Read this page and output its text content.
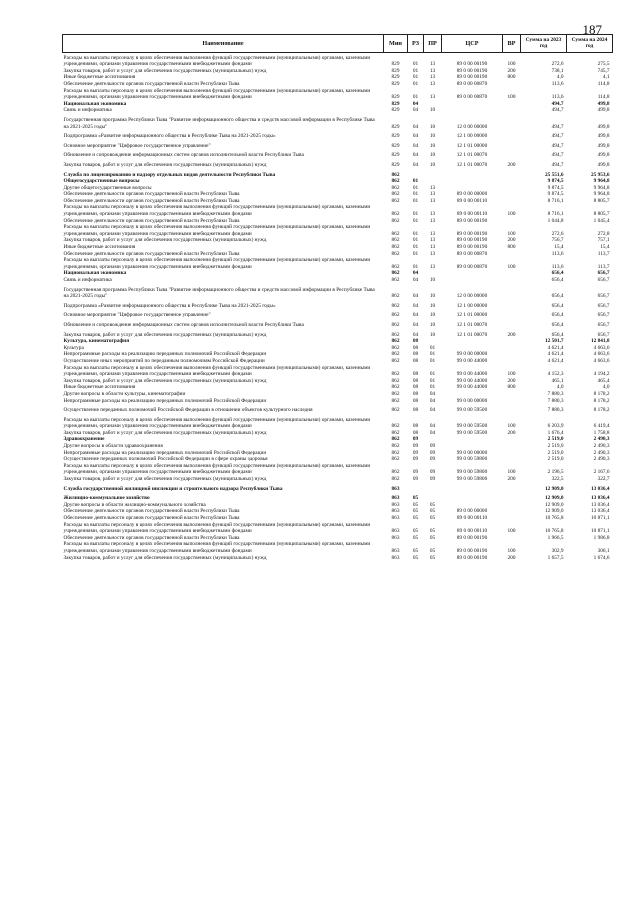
187
Наименование	Мин	РЗ	ПР	ЦСР	ВР	Сумма на 2023 год	Сумма на 2024 год
Расходы на выплаты персоналу в целях обеспечения выполнения функций государственными (муниципальными) органами, казенными учреждениями, органами управления государственными внебюджетными фондами	829	01	13	89 0 00 00190	100	272,6	275,5
Закупка товаров, работ и услуг для обеспечения государственных (муниципальных) нужд	829	01	13	89 0 00 00190	200	738,1	745,7
Иные бюджетные ассигнования	829	01	13	89 0 00 00190	800	4,0	4,1
Обеспечение деятельности органов государственной власти Республики Тыва	829	01	13	89 0 00 00870		113,6	114,8
Расходы на выплаты персоналу в целях обеспечения выполнения функций государственными (муниципальными) органами, казенными учреждениями, органами управления государственными внебюджетными фондами	829	01	13	89 0 00 00870	100	113,6	114,8
Национальная экономика	829	04				494,7	499,8
Связь и информатика	829	04	10			494,7	499,8
Государственная программа Республики Тыва "Развитие информационного общества и средств массовой информации в Республике Тыва на 2021-2025 годы"	829	04	10	12 0 00 00000		494,7	499,8
Подпрограмма «Развитие информационного общества в Республике Тыва на 2021-2025 годы»	829	04	10	12 1 00 00000		494,7	499,8
Основное мероприятие "Цифровое государственное управление"	829	04	10	12 1 01 00000		494,7	499,8
Обновление и сопровождение информационных систем органов исполнительной власти Республики Тыва	829	04	10	12 1 01 00070		494,7	499,8
Закупка товаров, работ и услуг для обеспечения государственных (муниципальных) нужд	829	04	10	12 1 01 00070	200	494,7	499,8
Служба по лицензированию и надзору отдельных видов деятельности Республики Тыва	862					25 551,6	25 953,6
Общегосударственные вопросы	862	01				9 874,5	9 964,8
Другие общегосударственные вопросы	862	01	13			9 874,5	9 964,8
Обеспечение деятельности органов государственной власти Республики Тыва	862	01	13	89 0 00 00000		9 874,5	9 964,8
Обеспечение деятельности органов государственной власти Республики Тыва	862	01	13	89 0 00 00110		8 716,1	8 805,7
Расходы на выплаты персоналу в целях обеспечения выполнения функций государственными (муниципальными) органами, казенными учреждениями, органами управления государственными внебюджетными фондами	862	01	13	89 0 00 00110	100	8 716,1	8 805,7
Обеспечение деятельности органов государственной власти Республики Тыва	862	01	13	89 0 00 00190		1 044,8	1 045,4
Расходы на выплаты персоналу в целях обеспечения выполнения функций государственными (муниципальными) органами, казенными учреждениями, органами управления государственными внебюджетными фондами	862	01	13	89 0 00 00190	100	272,6	272,8
Закупка товаров, работ и услуг для обеспечения государственных (муниципальных) нужд	862	01	13	89 0 00 00190	200	756,7	757,1
Иные бюджетные ассигнования	862	01	13	89 0 00 00190	800	15,4	15,4
Обеспечение деятельности органов государственной власти Республики Тыва	862	01	13	89 0 00 00870		113,6	113,7
Расходы на выплаты персоналу в целях обеспечения выполнения функций государственными (муниципальными) органами, казенными учреждениями, органами управления государственными внебюджетными фондами	862	01	13	89 0 00 00870	100	113,6	113,7
Национальная экономика	862	04				656,4	656,7
Связь и информатика	862	04	10			656,4	656,7
Государственная программа Республики Тыва "Развитие информационного общества и средств массовой информации в Республике Тыва на 2021-2025 годы"	862	04	10	12 0 00 00000		656,4	656,7
Подпрограмма «Развитие информационного общества в Республике Тыва на 2021-2025 годы»	862	04	10	12 1 00 00000		656,4	656,7
Основное мероприятие "Цифровое государственное управление"	862	04	10	12 1 01 00000		656,4	656,7
Обновление и сопровождение информационных систем органов исполнительной власти Республики Тыва	862	04	10	12 1 01 00070		656,4	656,7
Закупка товаров, работ и услуг для обеспечения государственных (муниципальных) нужд	862	04	10	12 1 01 00070	200	656,4	656,7
Культура, кинематография	862	08				12 501,7	12 841,8
Культура	862	08	01			4 621,4	4 663,6
Непрограммные расходы на реализацию переданных полномочий Российской Федерации	862	08	01	99 0 00 00000		4 621,4	4 663,6
Осуществление иных мероприятий по переданным полномочиям Российской Федерации	862	08	01	99 0 00 44000		4 621,4	4 663,6
Расходы на выплаты персоналу в целях обеспечения выполнения функций государственными (муниципальными) органами, казенными учреждениями, органами управления государственными внебюджетными фондами	862	08	01	99 0 00 44000	100	4 152,3	4 194,2
Закупка товаров, работ и услуг для обеспечения государственных (муниципальных) нужд	862	08	01	99 0 00 44000	200	465,1	465,4
Иные бюджетные ассигнования	862	08	01	99 0 00 44000	800	4,0	4,0
Другие вопросы в области культуры, кинематографии	862	08	04			7 880,3	8 178,2
Непрограммные расходы на реализацию переданных полномочий Российской Федерации	862	08	04	99 0 00 00000		7 880,3	8 178,2
Осуществление переданных полномочий Российской Федерации в отношении объектов культурного наследия	862	08	04	99 0 00 59500		7 880,3	8 178,2
Расходы на выплаты персоналу в целях обеспечения выполнения функций государственными (муниципальными) органами, казенными учреждениями, органами управления государственными внебюджетными фондами	862	08	04	99 0 00 59500	100	6 203,9	6 419,4
Закупка товаров, работ и услуг для обеспечения государственных (муниципальных) нужд	862	08	04	99 0 00 59500	200	1 676,4	1 758,8
Здравоохранение	862	09				2 519,0	2 490,3
Другие вопросы в области здравоохранения	862	09	09			2 519,0	2 490,3
Непрограммные расходы на реализацию переданных полномочий Российской Федерации	862	09	09	99 0 00 00000		2 519,0	2 490,3
Осуществление переданных полномочий Российской Федерации в сфере охраны здоровья	862	09	09	99 0 00 59800		2 519,0	2 490,3
Расходы на выплаты персоналу в целях обеспечения выполнения функций государственными (муниципальными) органами, казенными учреждениями, органами управления государственными внебюджетными фондами	862	09	09	99 0 00 59800	100	2 196,5	2 167,6
Закупка товаров, работ и услуг для обеспечения государственных (муниципальных) нужд	862	09	09	99 0 00 59800	200	322,5	322,7
Служба государственной жилищной инспекции и строительного надзора Республики Тыва	863					12 909,0	13 036,4
Жилищно-коммунальное хозяйство	863	05				12 909,0	13 036,4
Другие вопросы в области жилищно-коммунального хозяйства	863	05	05			12 909,0	13 036,4
Обеспечение деятельности органов государственной власти Республики Тыва	863	05	05	89 0 00 00000		12 909,0	13 036,4
Обеспечение деятельности органов государственной власти Республики Тыва	863	05	05	89 0 00 00110		10 765,8	10 871,1
Расходы на выплаты персоналу в целях обеспечения выполнения функций государственными (муниципальными) органами, казенными учреждениями, органами управления государственными внебюджетными фондами	863	05	05	89 0 00 00110	100	10 765,8	10 871,1
Обеспечение деятельности органов государственной власти Республики Тыва	863	05	05	89 0 00 00190		1 966,5	1 986,8
Расходы на выплаты персоналу в целях обеспечения выполнения функций государственными (муниципальными) органами, казенными учреждениями, органами управления государственными внебюджетными фондами	863	05	05	89 0 00 00190	100	302,9	306,1
Закупка товаров, работ и услуг для обеспечения государственных (муниципальных) нужд	863	05	05	89 0 00 00190	200	1 657,5	1 674,6
